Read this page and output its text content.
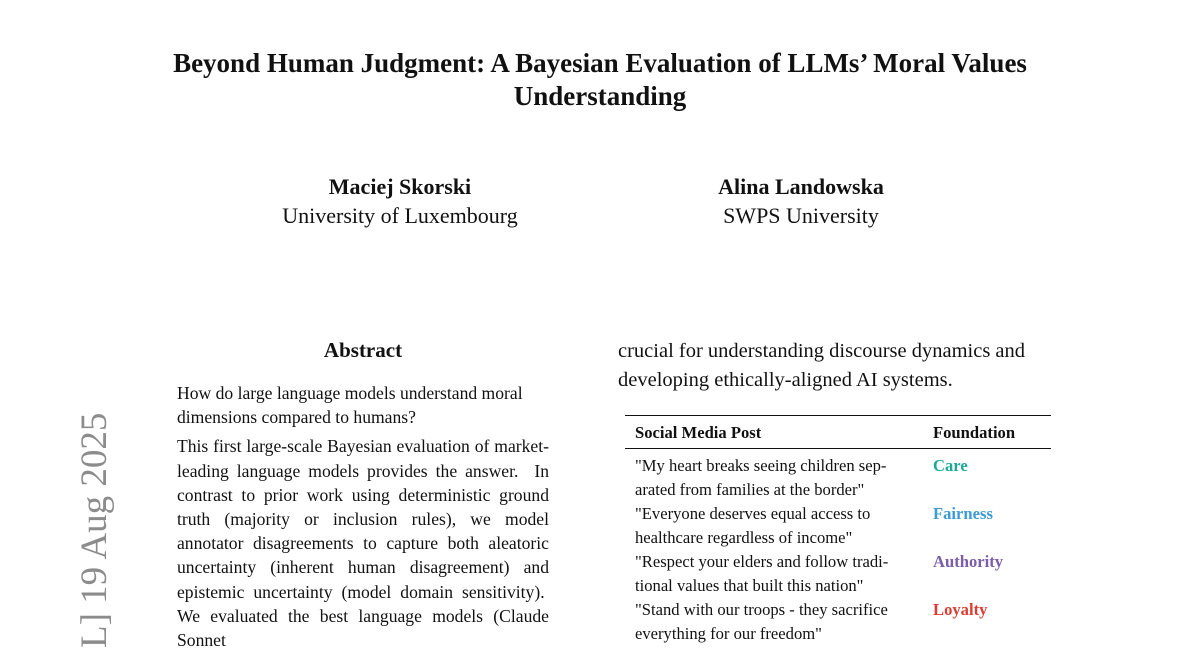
Beyond Human Judgment: A Bayesian Evaluation of LLMs’ Moral Values
Understanding
Maciej Skorski
University of Luxembourg
Alina Landowska
SWPS University
L] 19 Aug 2025
Abstract

How do large language models understand moral dimensions compared to humans?

This first large-scale Bayesian evaluation of market-leading language models provides the answer.  In contrast to prior work using deterministic ground truth (majority or inclusion rules), we model annotator disagreements to capture both aleatoric uncertainty (inherent human disagreement) and epistemic uncertainty (model domain sensitivity).  We evaluated the best language models (Claude Sonnet

crucial for understanding discourse dynamics and
developing ethically-aligned AI systems.
Social Media Post	Foundation

"My heart breaks seeing children sep-
arated from families at the border"	Care

"Everyone deserves equal access to
healthcare regardless of income"	Fairness

"Respect your elders and follow tradi-
tional values that built this nation"	Authority

"Stand with our troops - they sacrifice
everything for our freedom"	Loyalty
